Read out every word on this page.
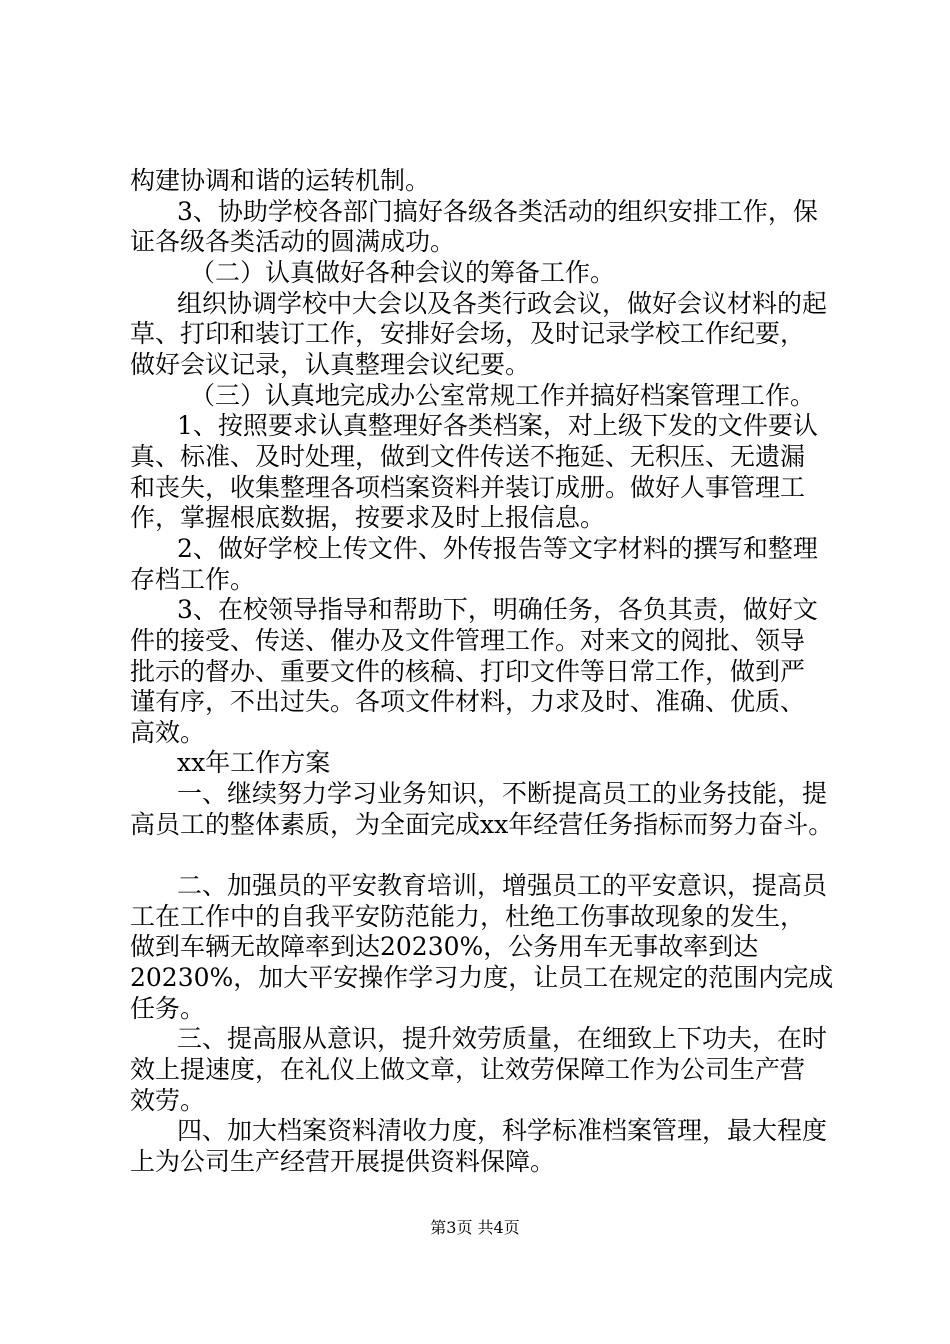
构建协调和谐的运转机制。
3、协助学校各部门搞好各级各类活动的组织安排工作，保
证各级各类活动的圆满成功。
（二）认真做好各种会议的筹备工作。
组织协调学校中大会以及各类行政会议，做好会议材料的起
草、打印和装订工作，安排好会场，及时记录学校工作纪要，
做好会议记录，认真整理会议纪要。
（三）认真地完成办公室常规工作并搞好档案管理工作。
1、按照要求认真整理好各类档案，对上级下发的文件要认
真、标准、及时处理，做到文件传送不拖延、无积压、无遗漏
和丧失，收集整理各项档案资料并装订成册。做好人事管理工
作，掌握根底数据，按要求及时上报信息。
2、做好学校上传文件、外传报告等文字材料的撰写和整理
存档工作。
3、在校领导指导和帮助下，明确任务，各负其责，做好文
件的接受、传送、催办及文件管理工作。对来文的阅批、领导
批示的督办、重要文件的核稿、打印文件等日常工作，做到严
谨有序，不出过失。各项文件材料，力求及时、准确、优质、
高效。
xx年工作方案
一、继续努力学习业务知识，不断提高员工的业务技能，提
高员工的整体素质，为全面完成xx年经营任务指标而努力奋斗。
二、加强员的平安教育培训，增强员工的平安意识，提高员
工在工作中的自我平安防范能力，杜绝工伤事故现象的发生，
做到车辆无故障率到达20230%，公务用车无事故率到达
20230%，加大平安操作学习力度，让员工在规定的范围内完成
任务。
三、提高服从意识，提升效劳质量，在细致上下功夫，在时
效上提速度，在礼仪上做文章，让效劳保障工作为公司生产营
效劳。
四、加大档案资料清收力度，科学标准档案管理，最大程度
上为公司生产经营开展提供资料保障。
第3页 共4页
